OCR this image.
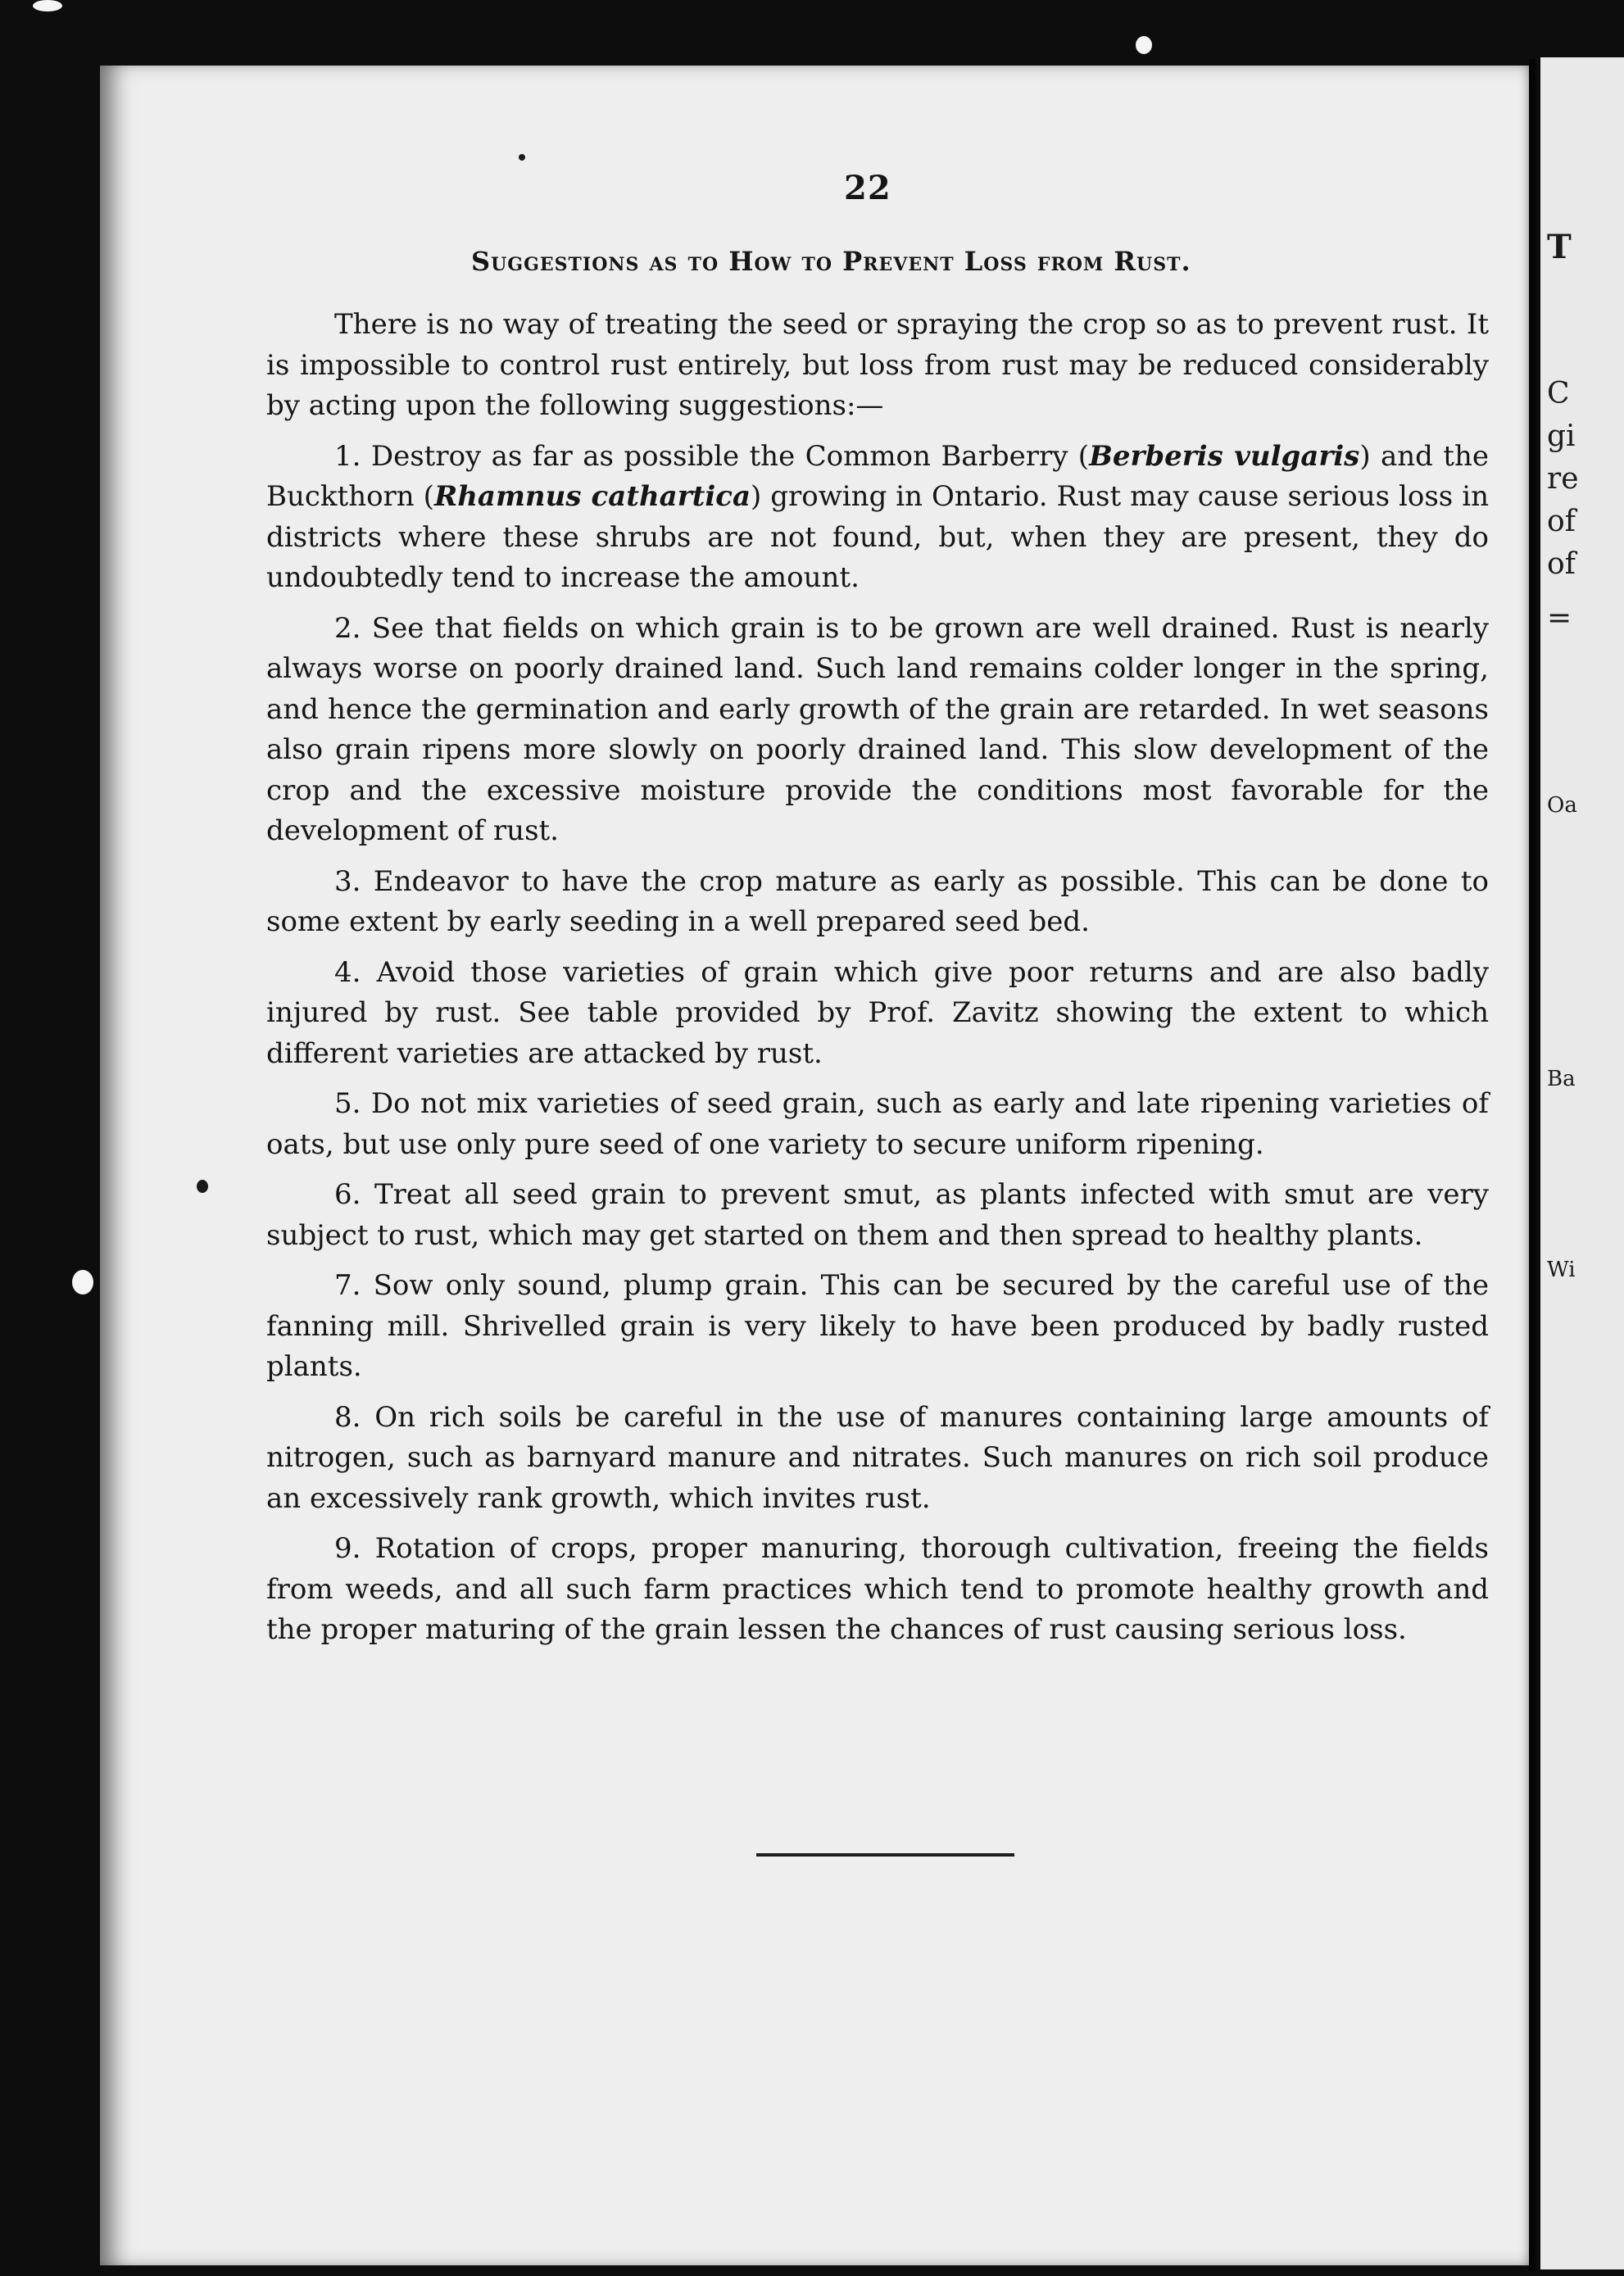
T
C
gi
re
of
of
=
Oa
Ba
Wi
22
Suggestions as to How to Prevent Loss from Rust.

There is no way of treating the seed or spraying the crop so as to prevent rust. It is impossible to control rust entirely, but loss from rust may be reduced considerably by acting upon the following suggestions:—

1. Destroy as far as possible the Common Barberry (Berberis vulgaris) and the Buckthorn (Rhamnus cathartica) growing in Ontario. Rust may cause serious loss in districts where these shrubs are not found, but, when they are present, they do undoubtedly tend to increase the amount.

2. See that fields on which grain is to be grown are well drained. Rust is nearly always worse on poorly drained land. Such land remains colder longer in the spring, and hence the germination and early growth of the grain are retarded. In wet seasons also grain ripens more slowly on poorly drained land. This slow development of the crop and the excessive moisture provide the conditions most favorable for the development of rust.

3. Endeavor to have the crop mature as early as possible. This can be done to some extent by early seeding in a well prepared seed bed.

4. Avoid those varieties of grain which give poor returns and are also badly injured by rust. See table provided by Prof. Zavitz showing the extent to which different varieties are attacked by rust.

5. Do not mix varieties of seed grain, such as early and late ripening varieties of oats, but use only pure seed of one variety to secure uniform ripening.

6. Treat all seed grain to prevent smut, as plants infected with smut are very subject to rust, which may get started on them and then spread to healthy plants.

7. Sow only sound, plump grain. This can be secured by the careful use of the fanning mill. Shrivelled grain is very likely to have been produced by badly rusted plants.

8. On rich soils be careful in the use of manures containing large amounts of nitrogen, such as barnyard manure and nitrates. Such manures on rich soil produce an excessively rank growth, which invites rust.

9. Rotation of crops, proper manuring, thorough cultivation, freeing the fields from weeds, and all such farm practices which tend to promote healthy growth and the proper maturing of the grain lessen the chances of rust causing serious loss.
